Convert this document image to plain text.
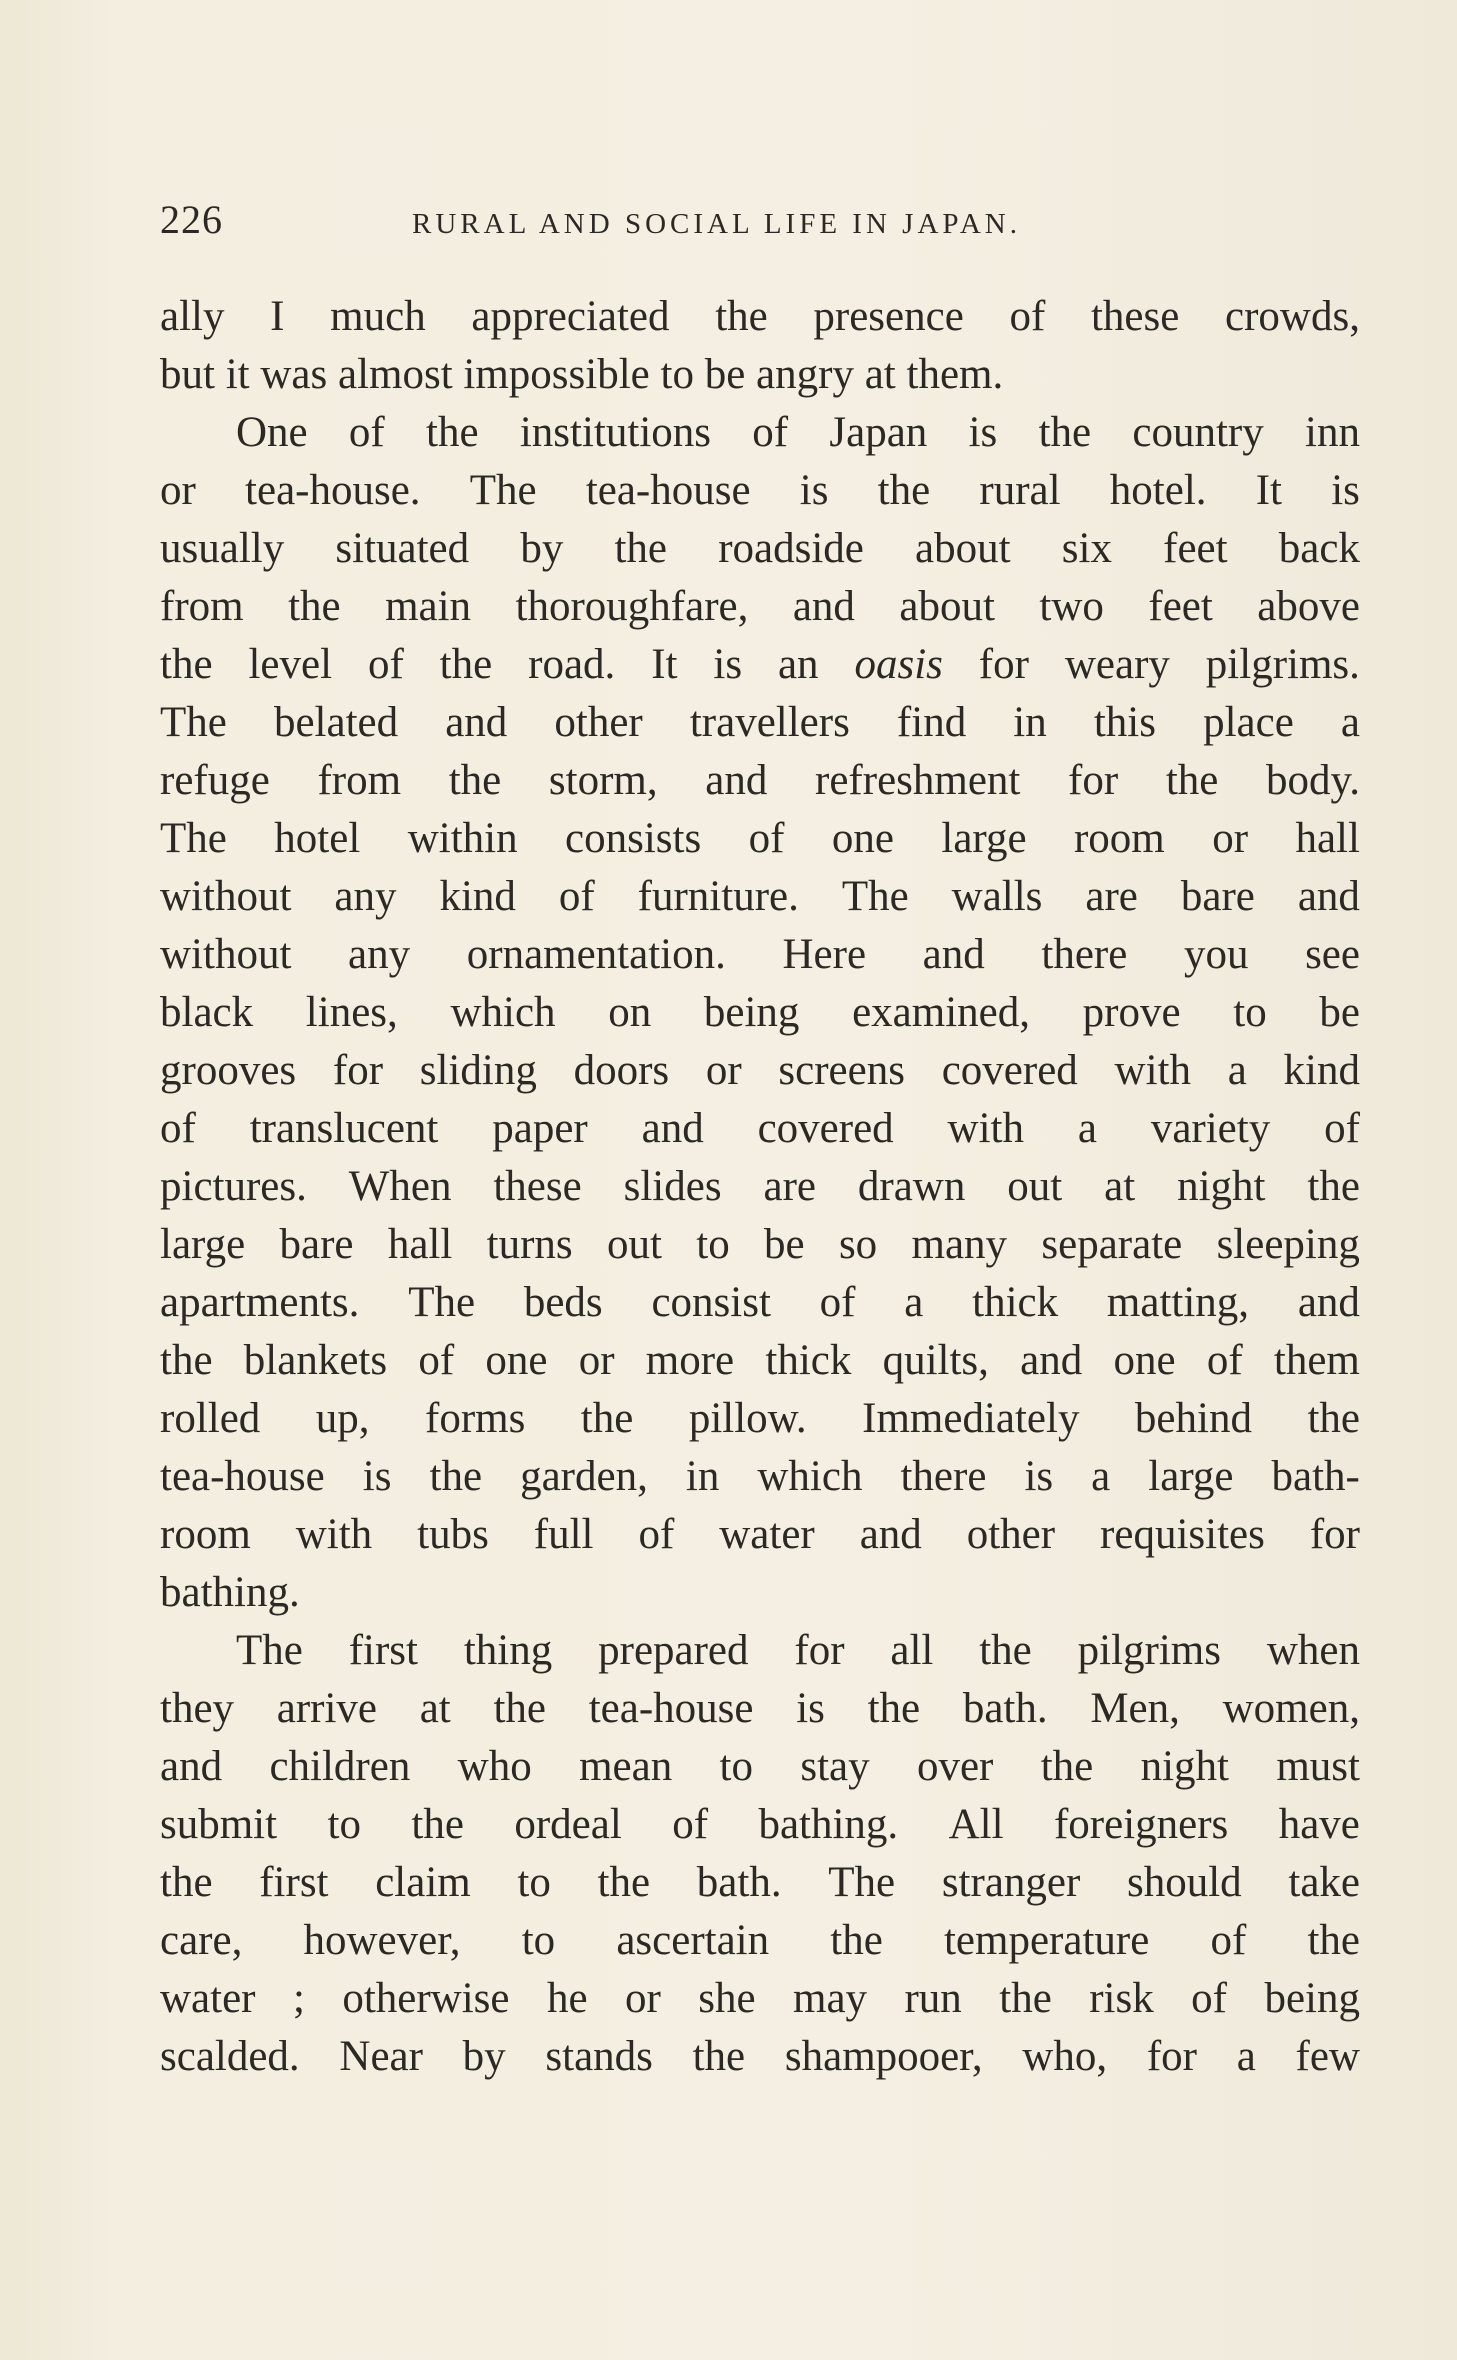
226	RURAL AND SOCIAL LIFE IN JAPAN.
ally I much appreciated the presence of these crowds,
but
it
was
almost
impossible
to
be
angry
at
them.
One of the institutions of Japan is the country inn
or tea-house. The tea-house is the rural hotel. It is
usually situated by the roadside about six feet back
from the main thoroughfare, and about two feet above
the level of the road. It is an oasis for weary pilgrims.
The belated and other travellers find in this place a
refuge from the storm, and refreshment for the body.
The hotel within consists of one large room or hall
without any kind of furniture. The walls are bare and
without any ornamentation. Here and there you see
black lines, which on being examined, prove to be
grooves for sliding doors or screens covered with a kind
of translucent paper and covered with a variety of
pictures. When these slides are drawn out at night the
large bare hall turns out to be so many separate sleeping
apartments. The beds consist of a thick matting, and
the blankets of one or more thick quilts, and one of them
rolled up, forms the pillow. Immediately behind the
tea-house is the garden, in which there is a large bath-
room with tubs full of water and other requisites for
bathing.
The first thing prepared for all the pilgrims when
they arrive at the tea-house is the bath. Men, women,
and children who mean to stay over the night must
submit to the ordeal of bathing. All foreigners have
the first claim to the bath. The stranger should take
care, however, to ascertain the temperature of the
water ; otherwise he or she may run the risk of being
scalded. Near by stands the shampooer, who, for a few
